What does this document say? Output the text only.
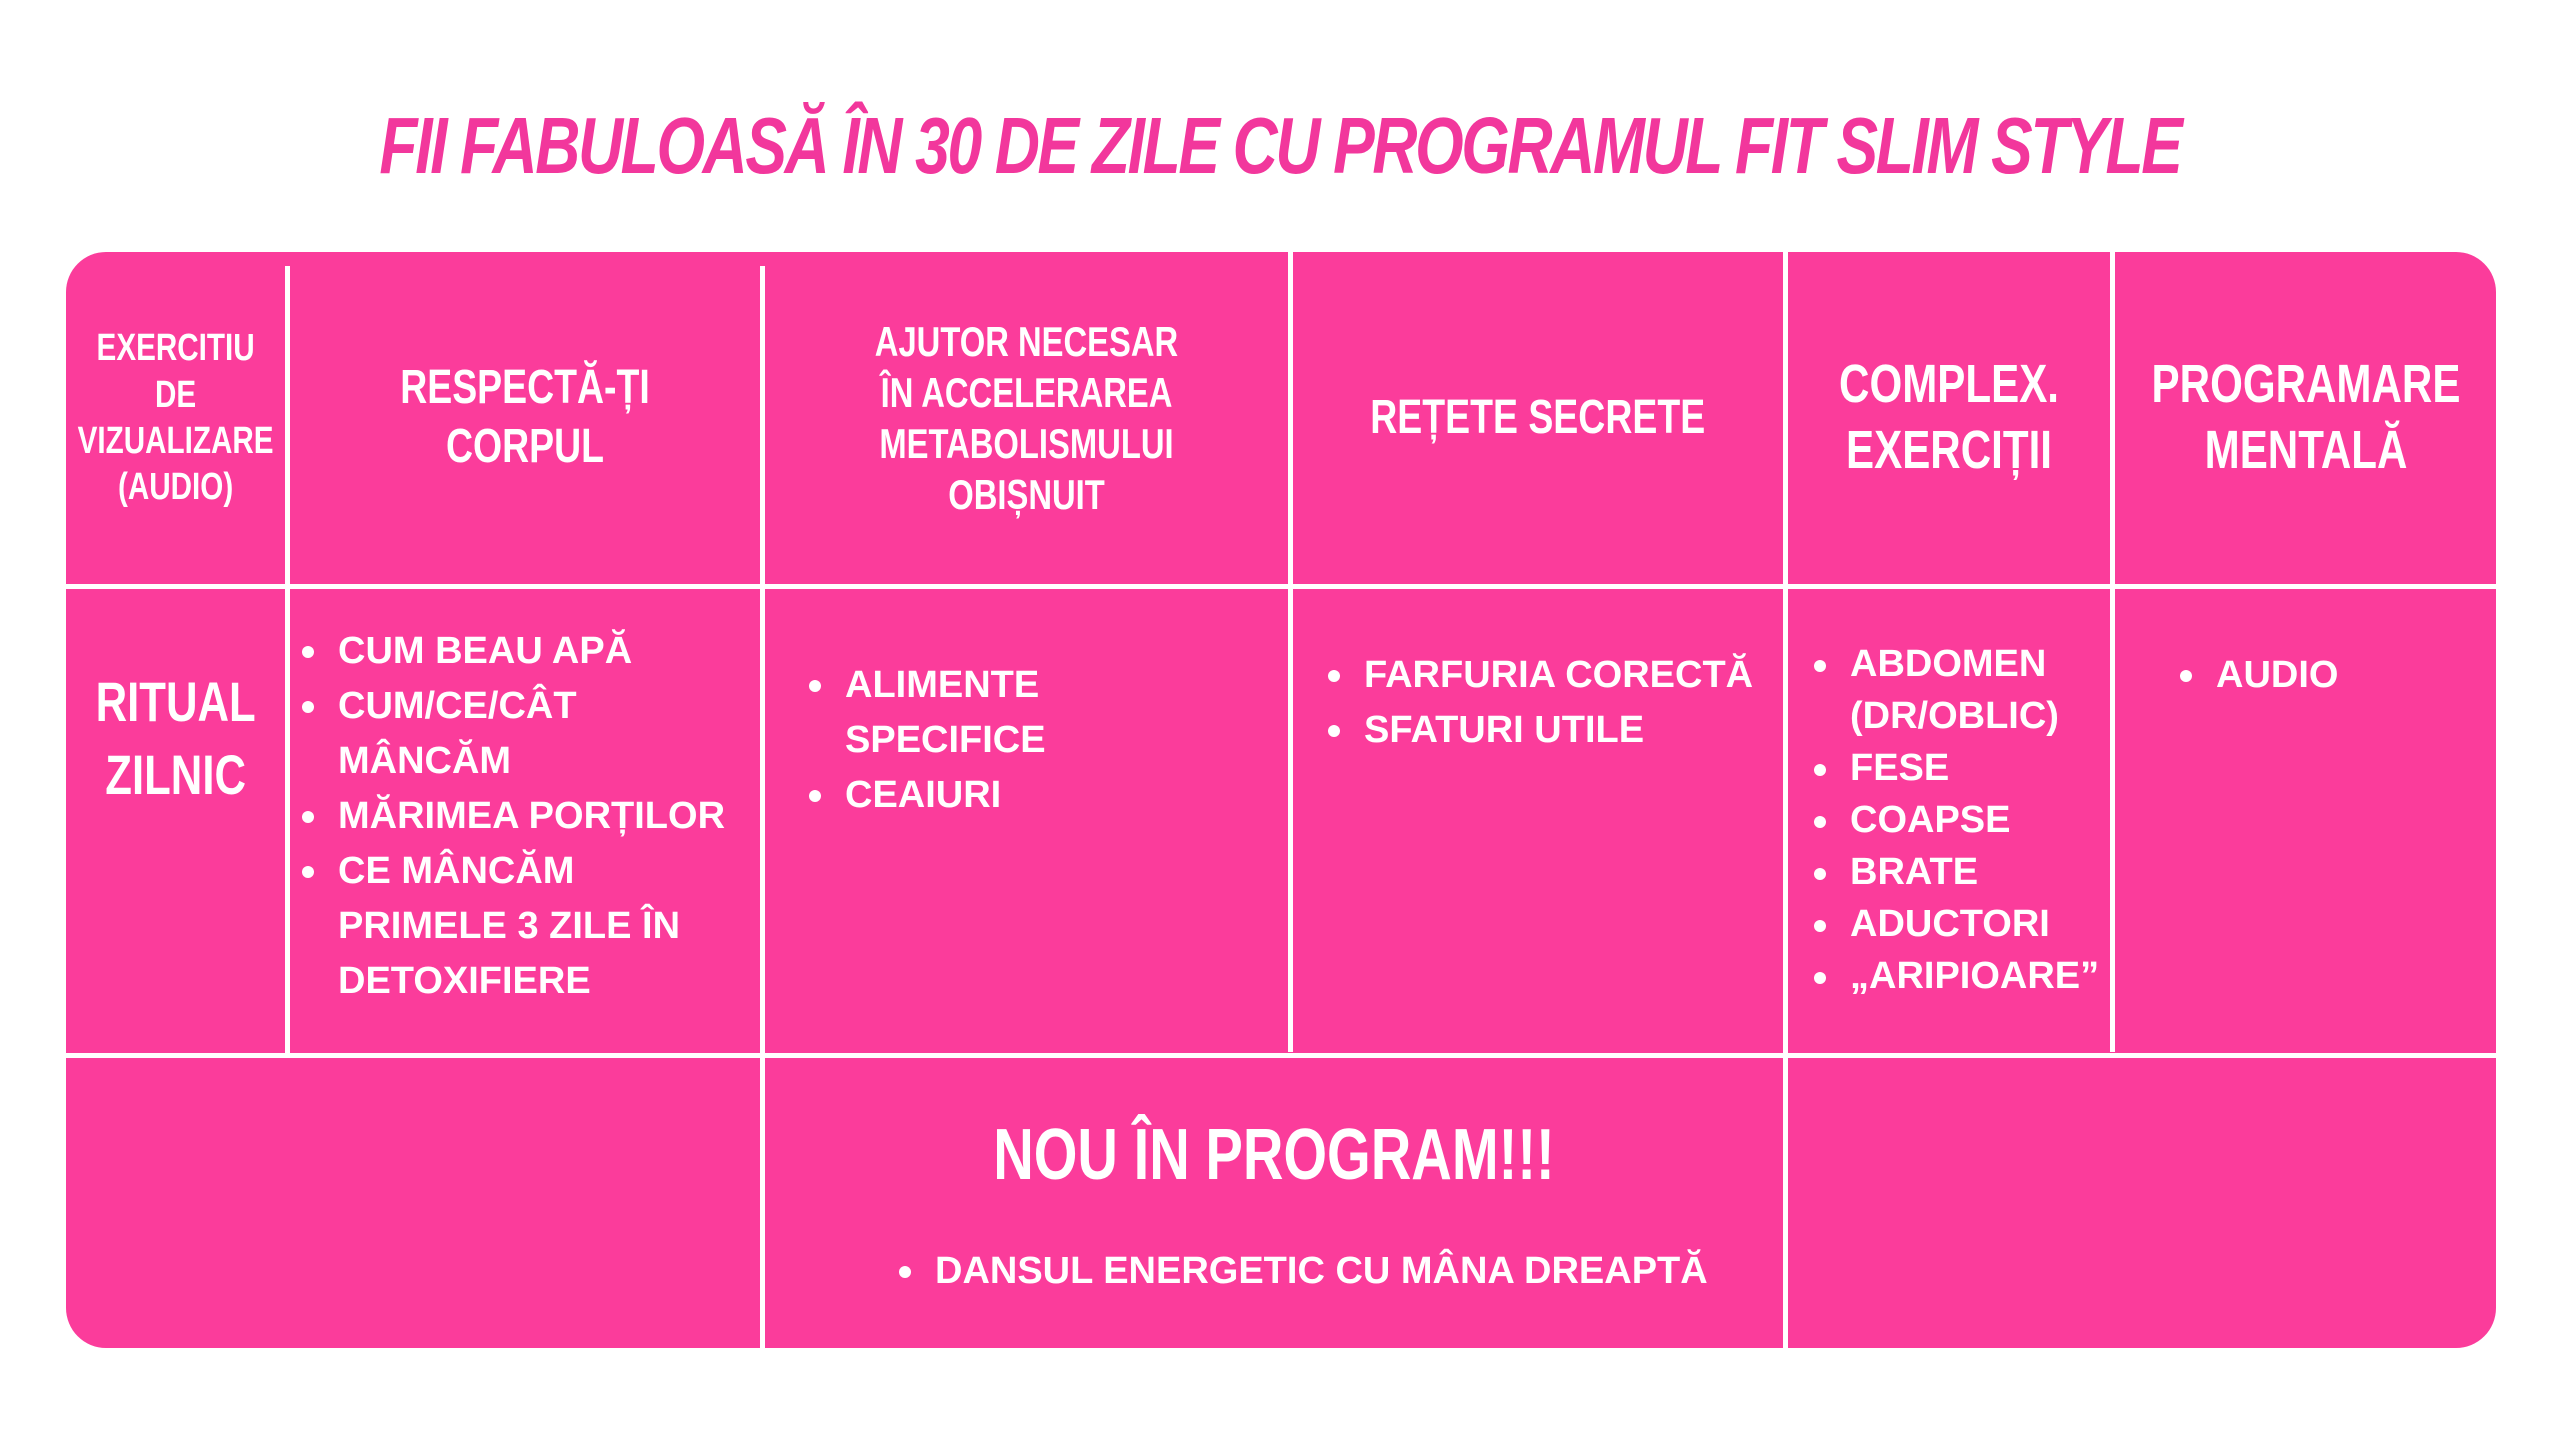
FII FABULOASĂ ÎN 30 DE ZILE CU PROGRAMUL FIT SLIM STYLE
EXERCITIU DE
VIZUALIZARE
(AUDIO)
RESPECTĂ-ȚI CORPUL
AJUTOR NECESAR
ÎN ACCELERAREA
METABOLISMULUI OBIȘNUIT
REȚETE SECRETE
COMPLEX.
EXERCIȚII
PROGRAMARE
MENTALĂ
RITUAL
ZILNIC
CUM BEAU APĂ
CUM/CE/CÂT MÂNCĂM
MĂRIMEA PORȚILOR
CE MÂNCĂM PRIMELE 3 ZILE ÎN DETOXIFIERE
ALIMENTE SPECIFICE
CEAIURI
FARFURIA CORECTĂ
SFATURI UTILE
ABDOMEN (DR/OBLIC)
FESE
COAPSE
BRATE
ADUCTORI
„ARIPIOARE”
AUDIO
NOU ÎN PROGRAM!!!
DANSUL ENERGETIC CU MÂNA DREAPTĂ
